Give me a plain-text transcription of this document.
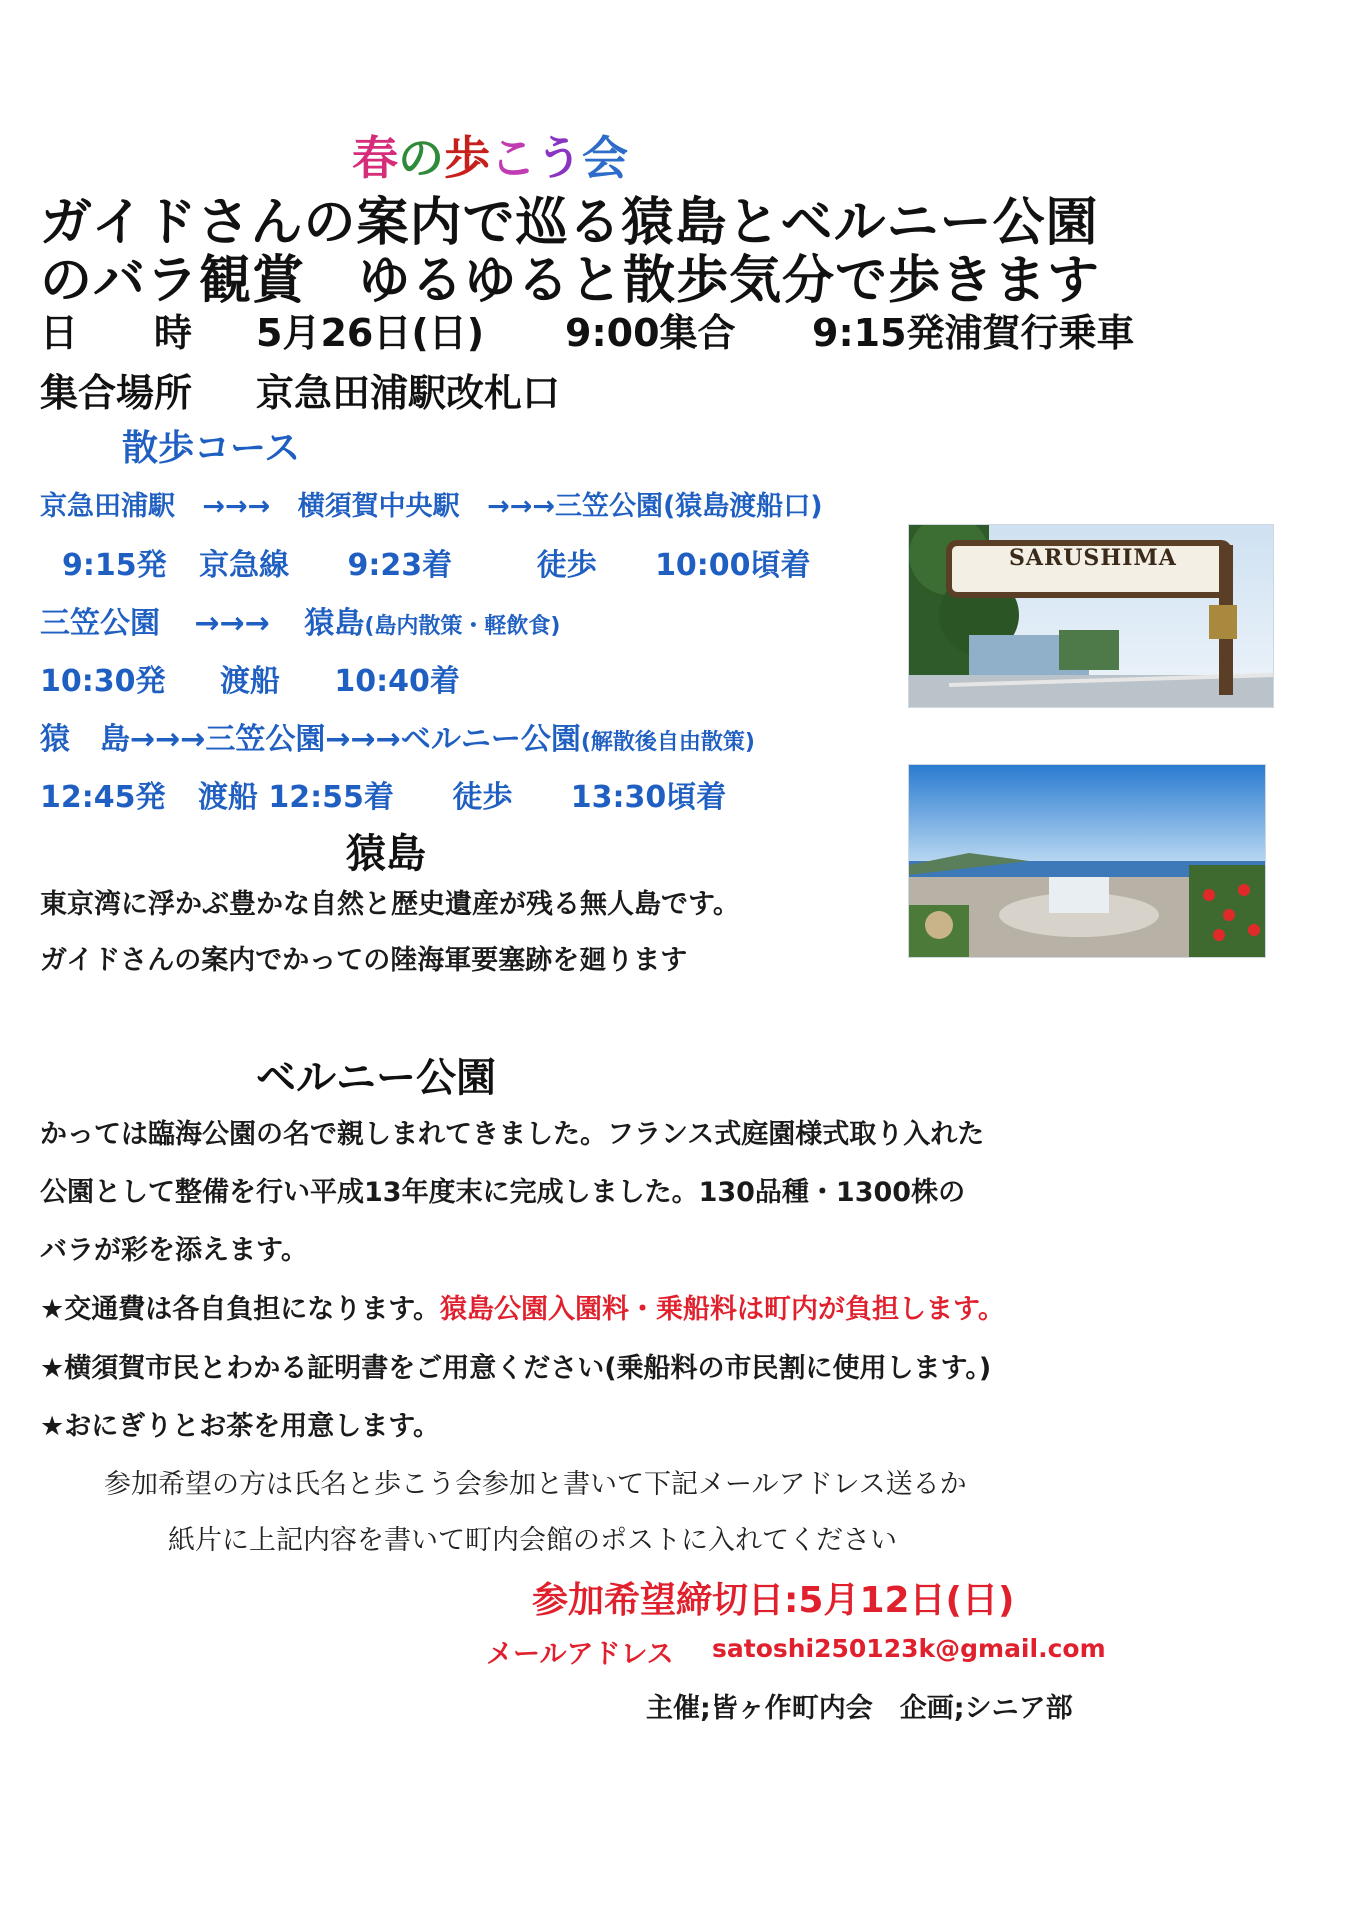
春の歩こう会
ガイドさんの案内で巡る猿島とベルニー公園
のバラ観賞　ゆるゆると散歩気分で歩きます
日　　時 5月26日(日) 9:00集合 9:15発浦賀行乗車
集合場所 京急田浦駅改札口
散歩コース
京急田浦駅 →→→ 横須賀中央駅 →→→三笠公園(猿島渡船口)
9:15発 京急線 9:23着	徒歩 10:00頃着
三笠公園 →→→ 猿島(島内散策・軽飲食)
10:30発 渡船 10:40着
猿　島→→→三笠公園→→→ベルニー公園(解散後自由散策)
12:45発 渡船 12:55着 徒歩 13:30頃着
SARUSHIMA
猿島
東京湾に浮かぶ豊かな自然と歴史遺産が残る無人島です。
ガイドさんの案内でかっての陸海軍要塞跡を廻ります
ベルニー公園
かっては臨海公園の名で親しまれてきました。フランス式庭園様式取り入れた
公園として整備を行い平成13年度末に完成しました。130品種・1300株の
バラが彩を添えます。
★交通費は各自負担になります。猿島公園入園料・乗船料は町内が負担します。
★横須賀市民とわかる証明書をご用意ください(乗船料の市民割に使用します。)
★おにぎりとお茶を用意します。
参加希望の方は氏名と歩こう会参加と書いて下記メールアドレス送るか
紙片に上記内容を書いて町内会館のポストに入れてください
参加希望締切日:5月12日(日)
メールアドレス satoshi250123k@gmail.com
主催;皆ヶ作町内会　企画;シニア部
